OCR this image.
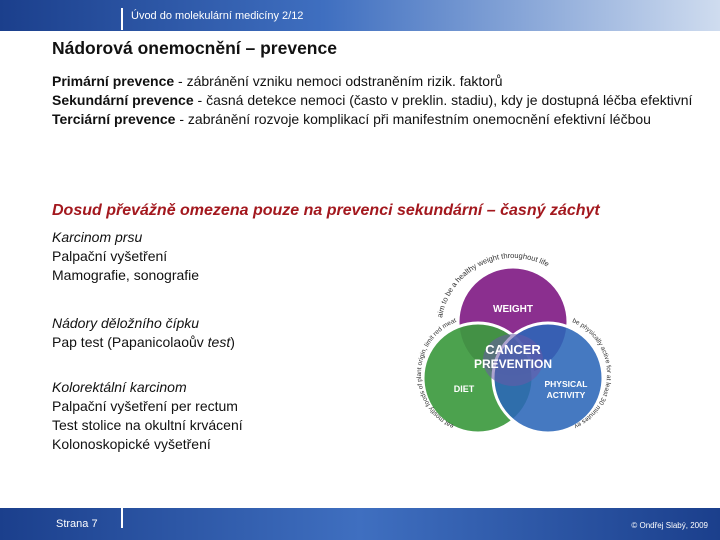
Úvod do molekulární medicíny 2/12
Nádorová onemocnění – prevence

Primární prevence - zábránění vzniku nemoci odstraněním rizik. faktorů

Sekundární prevence - časná detekce nemoci (často v preklin. stadiu), kdy je dostupná léčba efektivní

Terciární prevence - zabránění rozvoje komplikací při manifestním onemocnění efektivní léčbou

Dosud převážně omezena pouze na prevenci sekundární – časný záchyt

Karcinom prsu

Palpační vyšetření

Mamografie, sonografie

Nádory děložního čípku

Pap test (Papanicolaoův test)

Kolorektální karcinom

Palpační vyšetření per rectum

Test stolice na okultní krvácení

Kolonoskopické vyšetření

aim to be a healthy weight throughout life
eat mostly foods of plant origin, limit red meat	be physically active for at least 30 minutes ev
WEIGHT
DIET	PHYSICAL
ACTIVITY
CANCER
PREVENTION
Strana 7	© Ondřej Slabý, 2009
